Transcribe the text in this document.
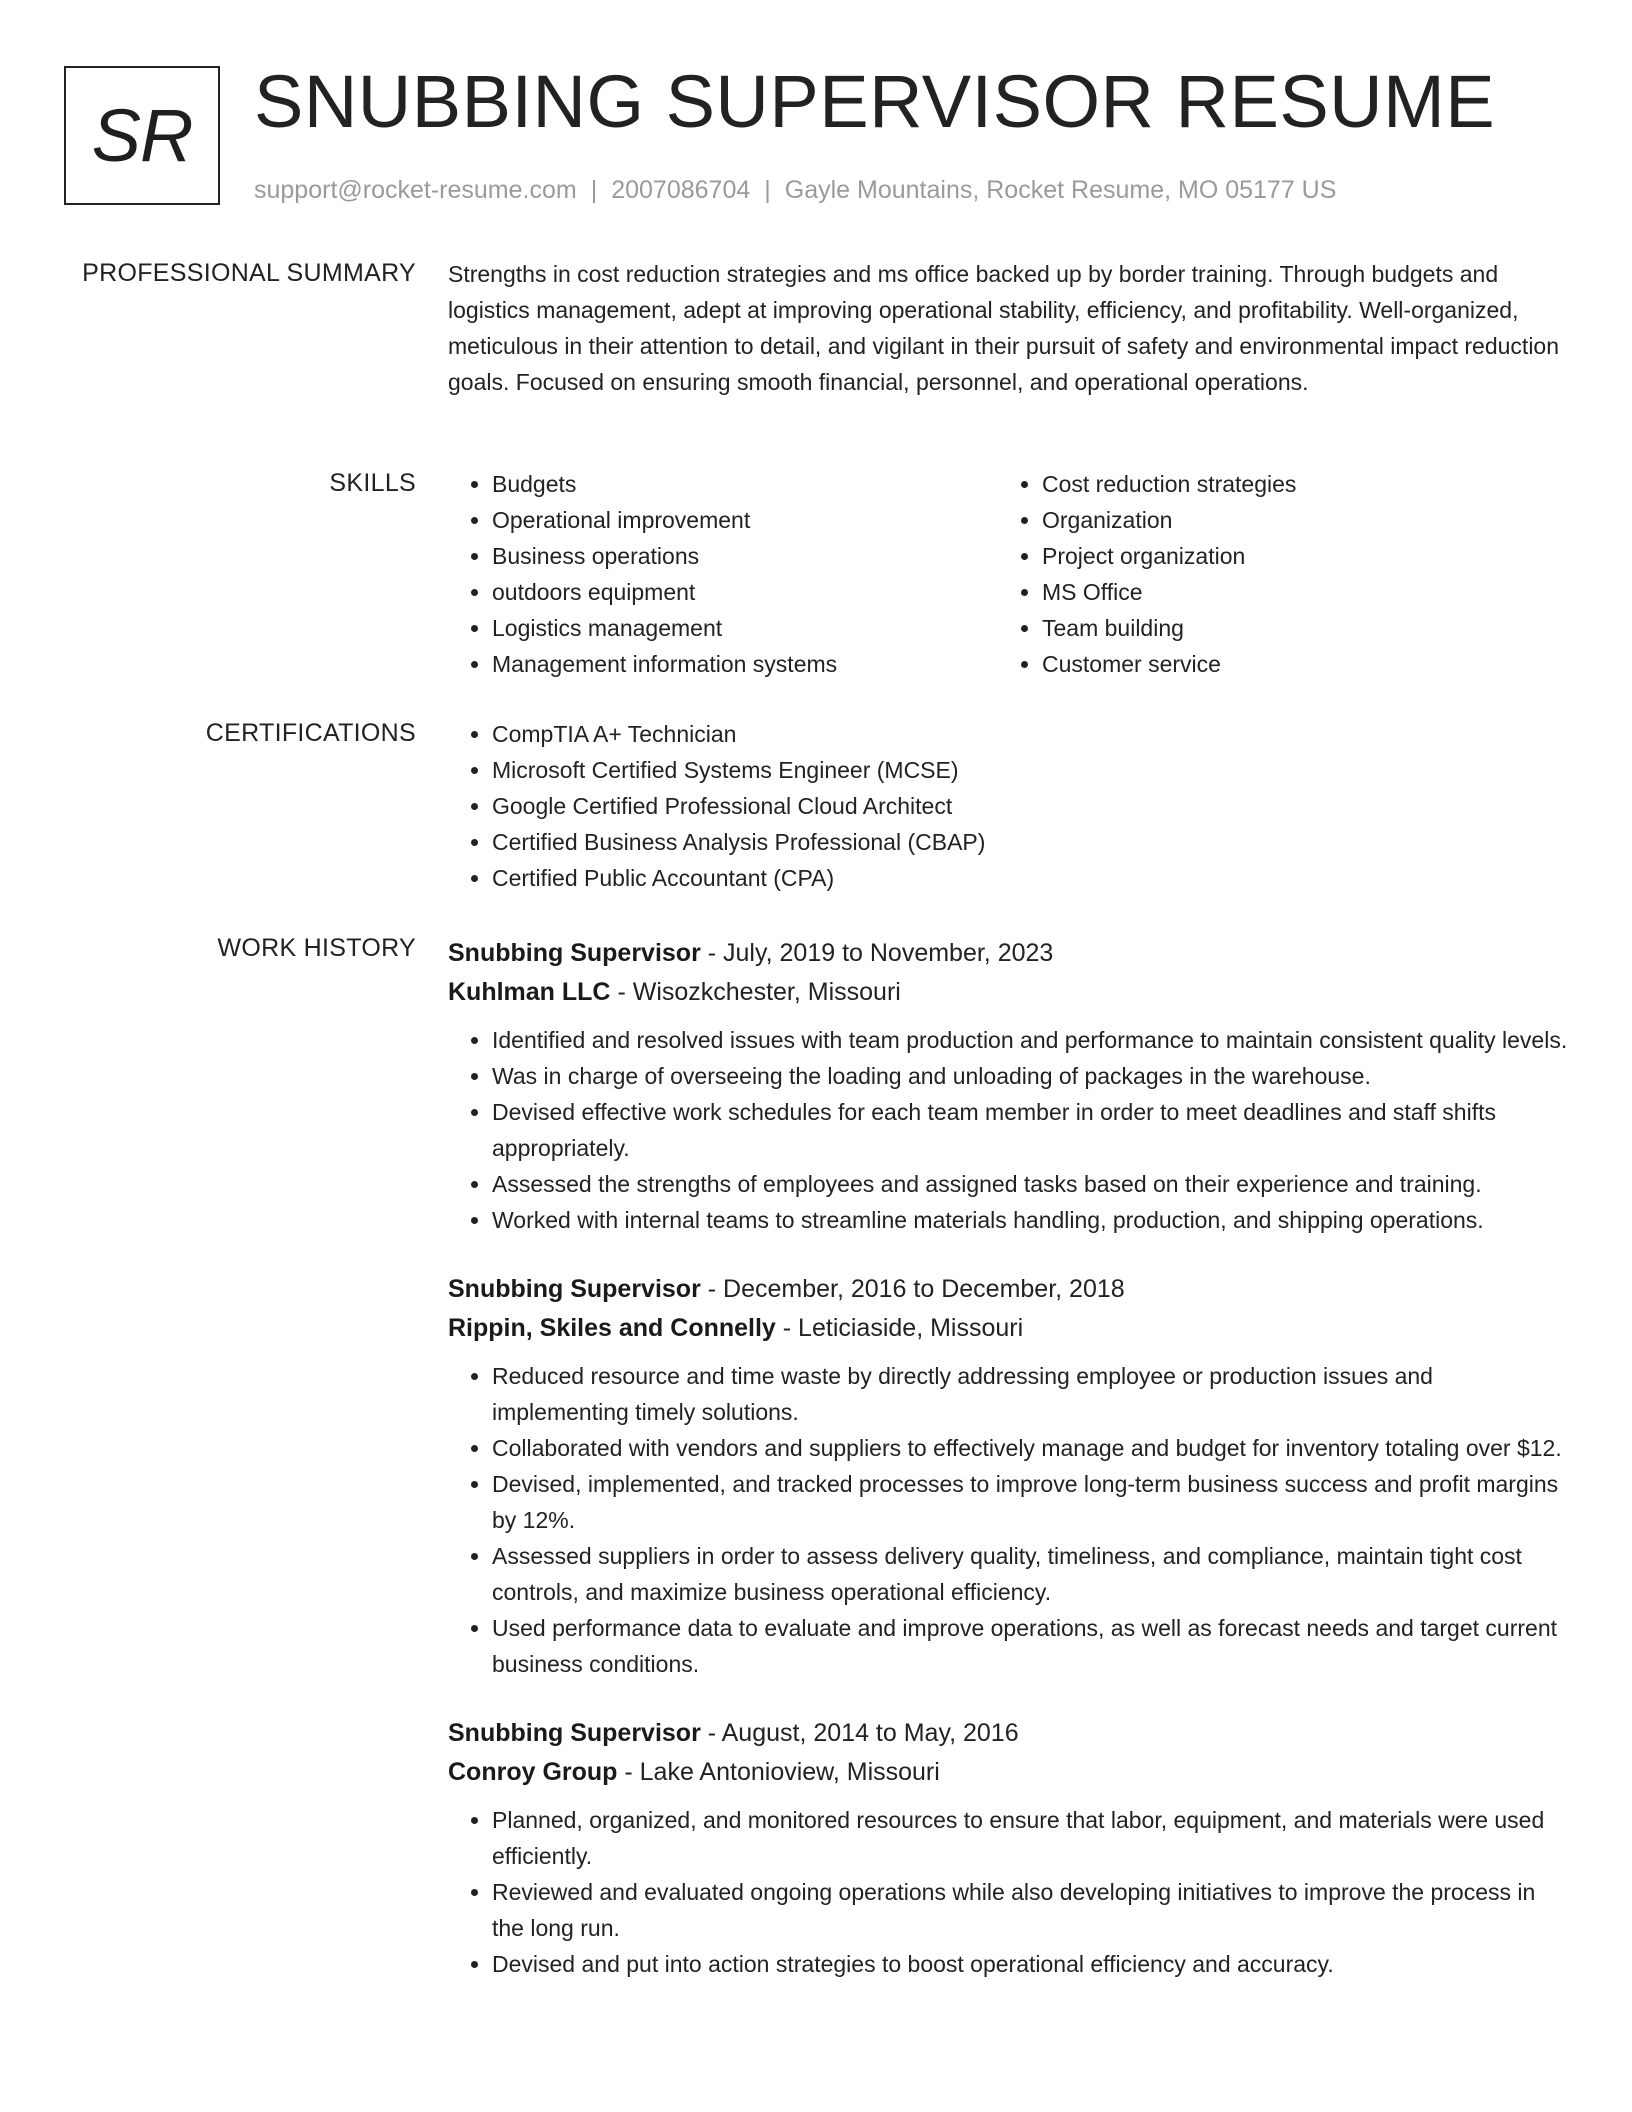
SR SNUBBING SUPERVISOR RESUME
support@rocket-resume.com | 2007086704 | Gayle Mountains, Rocket Resume, MO 05177 US
PROFESSIONAL SUMMARY Strengths in cost reduction strategies and ms office backed up by border training. Through budgets and logistics management, adept at improving operational stability, efficiency, and profitability. Well-organized, meticulous in their attention to detail, and vigilant in their pursuit of safety and environmental impact reduction goals. Focused on ensuring smooth financial, personnel, and operational operations.
SKILLS	• Budgets
• Operational improvement
• Business operations
• outdoors equipment
• Logistics management
• Management information systems
• Cost reduction strategies
• Organization
• Project organization
• MS Office
• Team building
• Customer service
CERTIFICATIONS	• CompTIA A+ Technician
• Microsoft Certified Systems Engineer (MCSE)
• Google Certified Professional Cloud Architect
• Certified Business Analysis Professional (CBAP)
• Certified Public Accountant (CPA)
WORK HISTORY Snubbing Supervisor - July, 2019 to November, 2023
Kuhlman LLC - Wisozkchester, Missouri
• Identified and resolved issues with team production and performance to maintain consistent quality levels.
• Was in charge of overseeing the loading and unloading of packages in the warehouse.
• Devised effective work schedules for each team member in order to meet deadlines and staff shifts appropriately.
• Assessed the strengths of employees and assigned tasks based on their experience and training.
• Worked with internal teams to streamline materials handling, production, and shipping operations.
Snubbing Supervisor - December, 2016 to December, 2018
Rippin, Skiles and Connelly - Leticiaside, Missouri
• Reduced resource and time waste by directly addressing employee or production issues and implementing timely solutions.
• Collaborated with vendors and suppliers to effectively manage and budget for inventory totaling over $12.
• Devised, implemented, and tracked processes to improve long-term business success and profit margins by 12%.
• Assessed suppliers in order to assess delivery quality, timeliness, and compliance, maintain tight cost controls, and maximize business operational efficiency.
• Used performance data to evaluate and improve operations, as well as forecast needs and target current business conditions.
Snubbing Supervisor - August, 2014 to May, 2016
Conroy Group - Lake Antonioview, Missouri
• Planned, organized, and monitored resources to ensure that labor, equipment, and materials were used efficiently.
• Reviewed and evaluated ongoing operations while also developing initiatives to improve the process in the long run.
• Devised and put into action strategies to boost operational efficiency and accuracy.
